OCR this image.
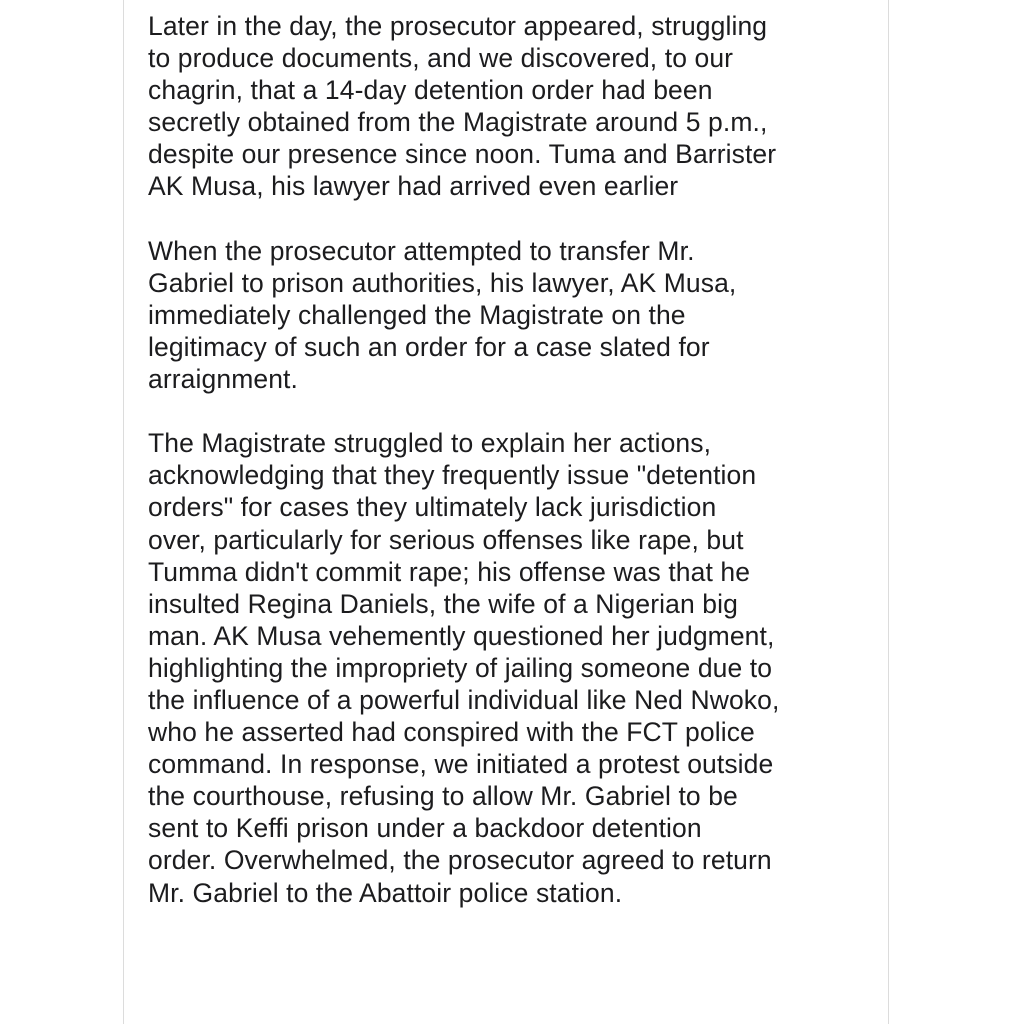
Later in the day, the prosecutor appeared, struggling
to produce documents, and we discovered, to our
chagrin, that a 14-day detention order had been
secretly obtained from the Magistrate around 5 p.m.,
despite our presence since noon. Tuma and Barrister
AK Musa, his lawyer had arrived even earlier

When the prosecutor attempted to transfer Mr.
Gabriel to prison authorities, his lawyer, AK Musa,
immediately challenged the Magistrate on the
legitimacy of such an order for a case slated for
arraignment.

The Magistrate struggled to explain her actions,
acknowledging that they frequently issue "detention
orders" for cases they ultimately lack jurisdiction
over, particularly for serious offenses like rape, but
Tumma didn't commit rape; his offense was that he
insulted Regina Daniels, the wife of a Nigerian big
man. AK Musa vehemently questioned her judgment,
highlighting the impropriety of jailing someone due to
the influence of a powerful individual like Ned Nwoko,
who he asserted had conspired with the FCT police
command. In response, we initiated a protest outside
the courthouse, refusing to allow Mr. Gabriel to be
sent to Keffi prison under a backdoor detention
order. Overwhelmed, the prosecutor agreed to return
Mr. Gabriel to the Abattoir police station.
